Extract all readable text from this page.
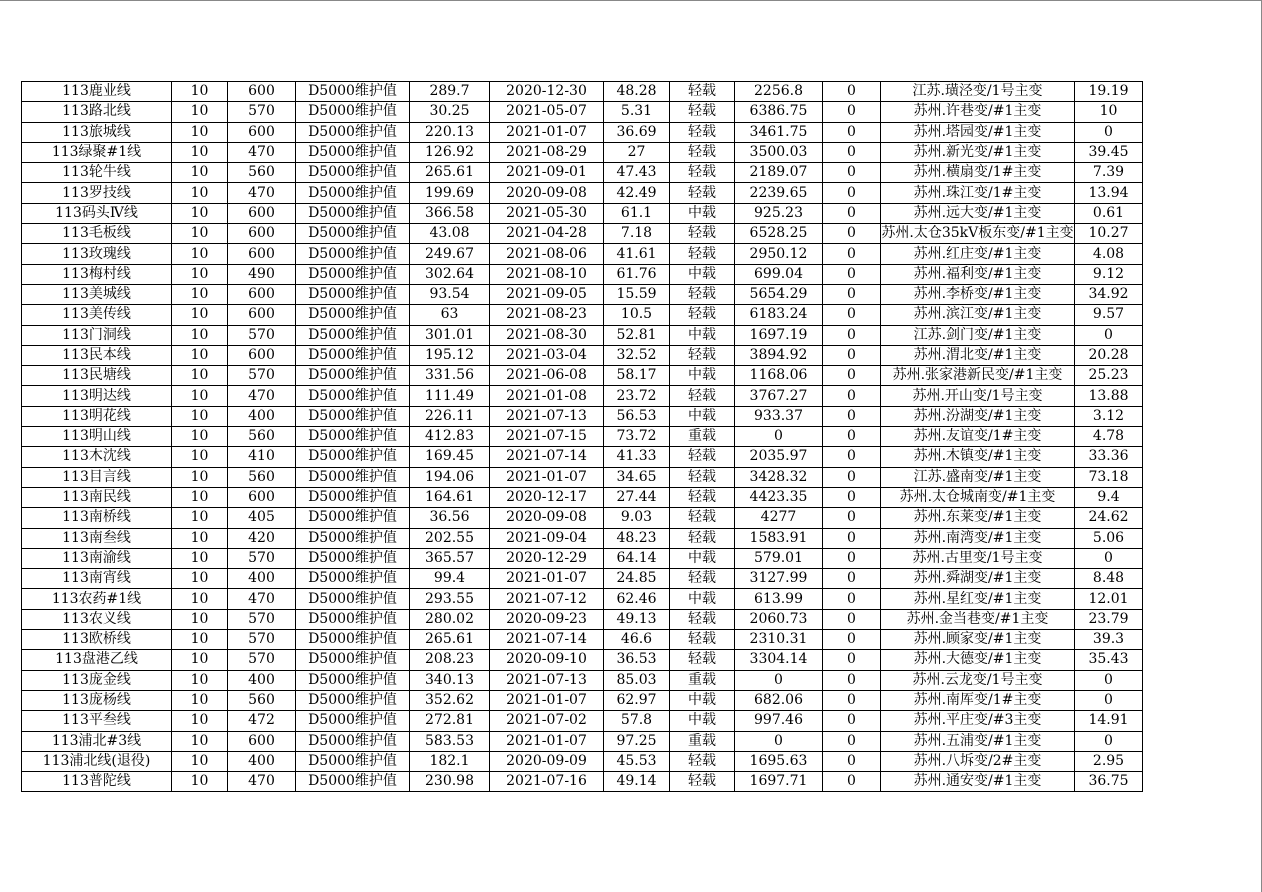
113鹿业线	10	600	D5000维护值	289.7	2020-12-30	48.28	轻载	2256.8	0	江苏.璜泾变/1号主变	19.19
113路北线	10	570	D5000维护值	30.25	2021-05-07	5.31	轻载	6386.75	0	苏州.许巷变/#1主变	10
113旅城线	10	600	D5000维护值	220.13	2021-01-07	36.69	轻载	3461.75	0	苏州.塔园变/#1主变	0
113绿聚#1线	10	470	D5000维护值	126.92	2021-08-29	27	轻载	3500.03	0	苏州.新光变/#1主变	39.45
113轮牛线	10	560	D5000维护值	265.61	2021-09-01	47.43	轻载	2189.07	0	苏州.横扇变/1#主变	7.39
113罗技线	10	470	D5000维护值	199.69	2020-09-08	42.49	轻载	2239.65	0	苏州.珠江变/1#主变	13.94
113码头Ⅳ线	10	600	D5000维护值	366.58	2021-05-30	61.1	中载	925.23	0	苏州.远大变/#1主变	0.61
113毛板线	10	600	D5000维护值	43.08	2021-04-28	7.18	轻载	6528.25	0	苏州.太仓35kV板东变/#1主变	10.27
113玫瑰线	10	600	D5000维护值	249.67	2021-08-06	41.61	轻载	2950.12	0	苏州.红庄变/#1主变	4.08
113梅村线	10	490	D5000维护值	302.64	2021-08-10	61.76	中载	699.04	0	苏州.福利变/#1主变	9.12
113美城线	10	600	D5000维护值	93.54	2021-09-05	15.59	轻载	5654.29	0	苏州.李桥变/#1主变	34.92
113美传线	10	600	D5000维护值	63	2021-08-23	10.5	轻载	6183.24	0	苏州.滨江变/#1主变	9.57
113门洞线	10	570	D5000维护值	301.01	2021-08-30	52.81	中载	1697.19	0	江苏.剑门变/#1主变	0
113民本线	10	600	D5000维护值	195.12	2021-03-04	32.52	轻载	3894.92	0	苏州.渭北变/#1主变	20.28
113民塘线	10	570	D5000维护值	331.56	2021-06-08	58.17	中载	1168.06	0	苏州.张家港新民变/#1主变	25.23
113明达线	10	470	D5000维护值	111.49	2021-01-08	23.72	轻载	3767.27	0	苏州.开山变/1号主变	13.88
113明花线	10	400	D5000维护值	226.11	2021-07-13	56.53	中载	933.37	0	苏州.汾湖变/#1主变	3.12
113明山线	10	560	D5000维护值	412.83	2021-07-15	73.72	重载	0	0	苏州.友谊变/1#主变	4.78
113木沈线	10	410	D5000维护值	169.45	2021-07-14	41.33	轻载	2035.97	0	苏州.木镇变/#1主变	33.36
113目言线	10	560	D5000维护值	194.06	2021-01-07	34.65	轻载	3428.32	0	江苏.盛南变/#1主变	73.18
113南民线	10	600	D5000维护值	164.61	2020-12-17	27.44	轻载	4423.35	0	苏州.太仓城南变/#1主变	9.4
113南桥线	10	405	D5000维护值	36.56	2020-09-08	9.03	轻载	4277	0	苏州.东莱变/#1主变	24.62
113南叁线	10	420	D5000维护值	202.55	2021-09-04	48.23	轻载	1583.91	0	苏州.南湾变/#1主变	5.06
113南渝线	10	570	D5000维护值	365.57	2020-12-29	64.14	中载	579.01	0	苏州.古里变/1号主变	0
113南宵线	10	400	D5000维护值	99.4	2021-01-07	24.85	轻载	3127.99	0	苏州.舜湖变/#1主变	8.48
113农药#1线	10	470	D5000维护值	293.55	2021-07-12	62.46	中载	613.99	0	苏州.星红变/#1主变	12.01
113农义线	10	570	D5000维护值	280.02	2020-09-23	49.13	轻载	2060.73	0	苏州.金当巷变/#1主变	23.79
113欧桥线	10	570	D5000维护值	265.61	2021-07-14	46.6	轻载	2310.31	0	苏州.顾家变/#1主变	39.3
113盘港乙线	10	570	D5000维护值	208.23	2020-09-10	36.53	轻载	3304.14	0	苏州.大德变/#1主变	35.43
113庞金线	10	400	D5000维护值	340.13	2021-07-13	85.03	重载	0	0	苏州.云龙变/1号主变	0
113庞杨线	10	560	D5000维护值	352.62	2021-01-07	62.97	中载	682.06	0	苏州.南厍变/1#主变	0
113平叁线	10	472	D5000维护值	272.81	2021-07-02	57.8	中载	997.46	0	苏州.平庄变/#3主变	14.91
113浦北#3线	10	600	D5000维护值	583.53	2021-01-07	97.25	重载	0	0	苏州.五浦变/#1主变	0
113浦北线(退役)	10	400	D5000维护值	182.1	2020-09-09	45.53	轻载	1695.63	0	苏州.八坼变/2#主变	2.95
113普陀线	10	470	D5000维护值	230.98	2021-07-16	49.14	轻载	1697.71	0	苏州.通安变/#1主变	36.75
